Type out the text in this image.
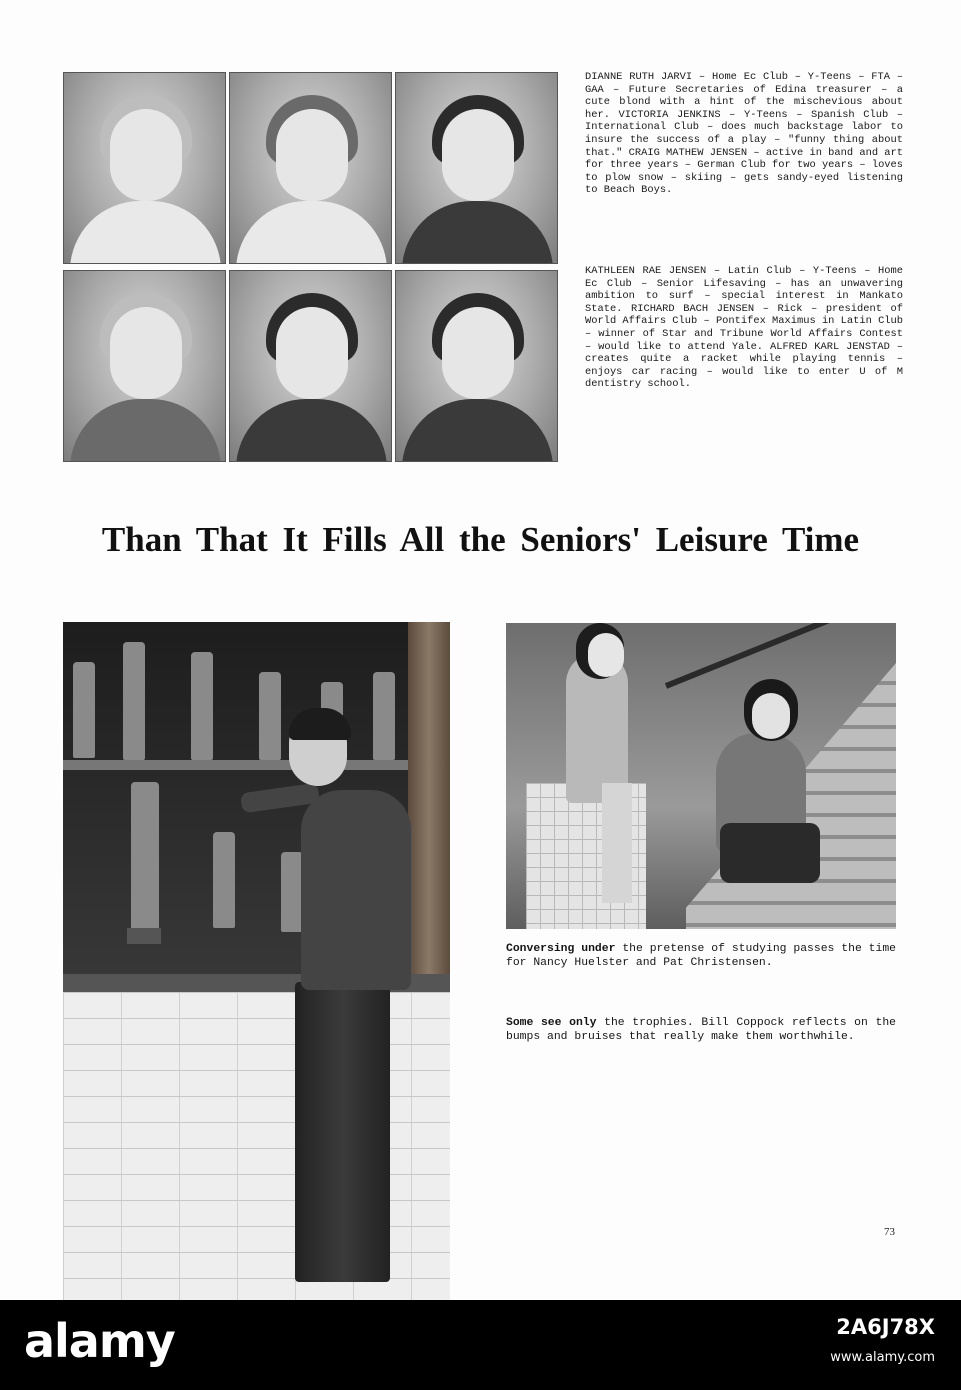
DIANNE RUTH JARVI – Home Ec Club – Y-Teens – FTA – GAA – Future Secretaries of Edina treasurer – a cute blond with a hint of the mischevious about her. VICTORIA JENKINS – Y-Teens – Spanish Club – International Club – does much backstage labor to insure the success of a play – "funny thing about that." CRAIG MATHEW JENSEN – active in band and art for three years – German Club for two years – loves to plow snow – skiing – gets sandy-eyed listening to Beach Boys.

KATHLEEN RAE JENSEN – Latin Club – Y-Teens – Home Ec Club – Senior Lifesaving – has an unwavering ambition to surf – special interest in Mankato State. RICHARD BACH JENSEN – Rick – president of World Affairs Club – Pontifex Maximus in Latin Club – winner of Star and Tribune World Affairs Contest – would like to attend Yale. ALFRED KARL JENSTAD – creates quite a racket while playing tennis – enjoys car racing – would like to enter U of M dentistry school.

Than That It Fills All the Seniors' Leisure Time

Conversing under the pretense of studying passes the time for Nancy Huelster and Pat Christensen.

Some see only the trophies. Bill Coppock reflects on the bumps and bruises that really make them worthwhile.

73
alamy	2A6J78X
www.alamy.com
